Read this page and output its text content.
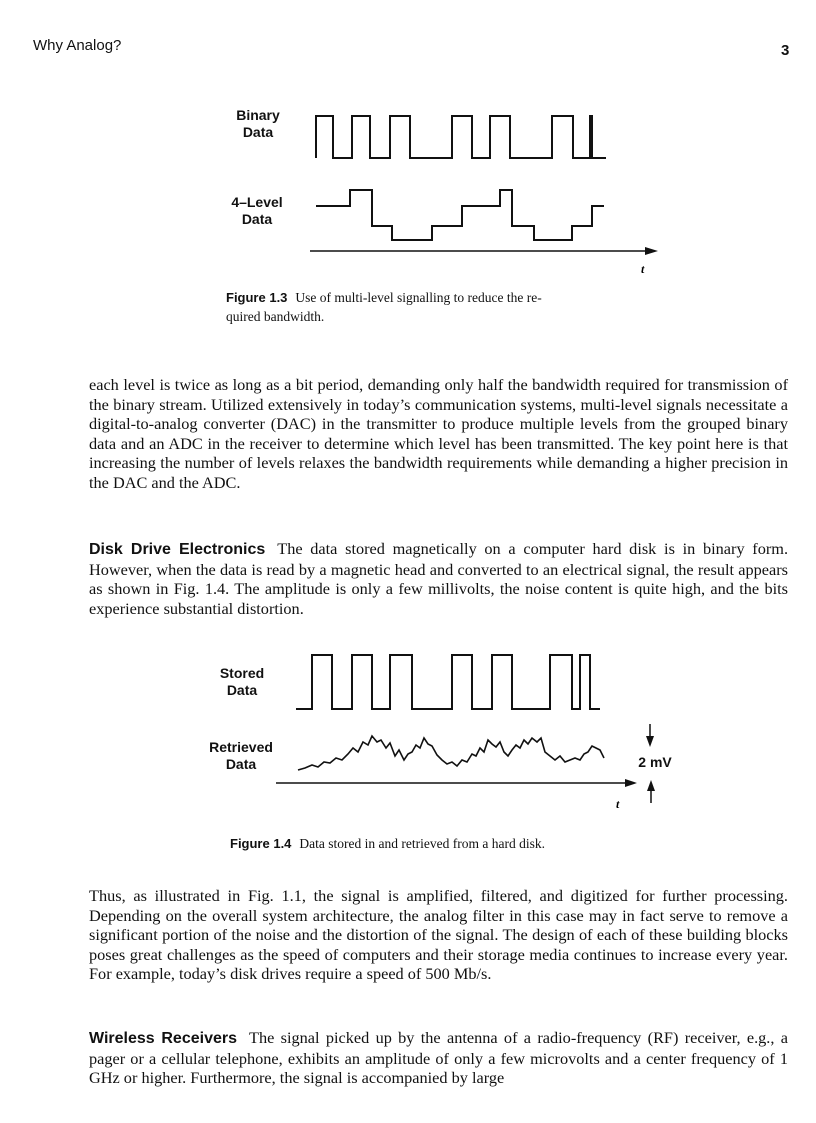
Why Analog?	3
Binary
Data
4–Level
Data
t
t
Figure 1.3 Use of multi-level signalling to reduce the re-
quired bandwidth.

each level is twice as long as a bit period, demanding only half the bandwidth required for transmission of the binary stream. Utilized extensively in today’s communication systems, multi-level signals necessitate a digital-to-analog converter (DAC) in the transmitter to produce multiple levels from the grouped binary data and an ADC in the receiver to determine which level has been transmitted. The key point here is that increasing the number of levels relaxes the bandwidth requirements while demanding a higher precision in the DAC and the ADC.

Disk Drive Electronics The data stored magnetically on a computer hard disk is in binary form. However, when the data is read by a magnetic head and converted to an electrical signal, the result appears as shown in Fig. 1.4. The amplitude is only a few millivolts, the noise content is quite high, and the bits experience substantial distortion.

Stored
Data
Retrieved
Data	2 mV
Figure 1.4 Data stored in and retrieved from a hard disk.

Thus, as illustrated in Fig. 1.1, the signal is amplified, filtered, and digitized for further processing. Depending on the overall system architecture, the analog filter in this case may in fact serve to remove a significant portion of the noise and the distortion of the signal. The design of each of these building blocks poses great challenges as the speed of computers and their storage media continues to increase every year. For example, today’s disk drives require a speed of 500 Mb/s.

Wireless Receivers The signal picked up by the antenna of a radio-frequency (RF) receiver, e.g., a pager or a cellular telephone, exhibits an amplitude of only a few microvolts and a center frequency of 1 GHz or higher. Furthermore, the signal is accompanied by large
